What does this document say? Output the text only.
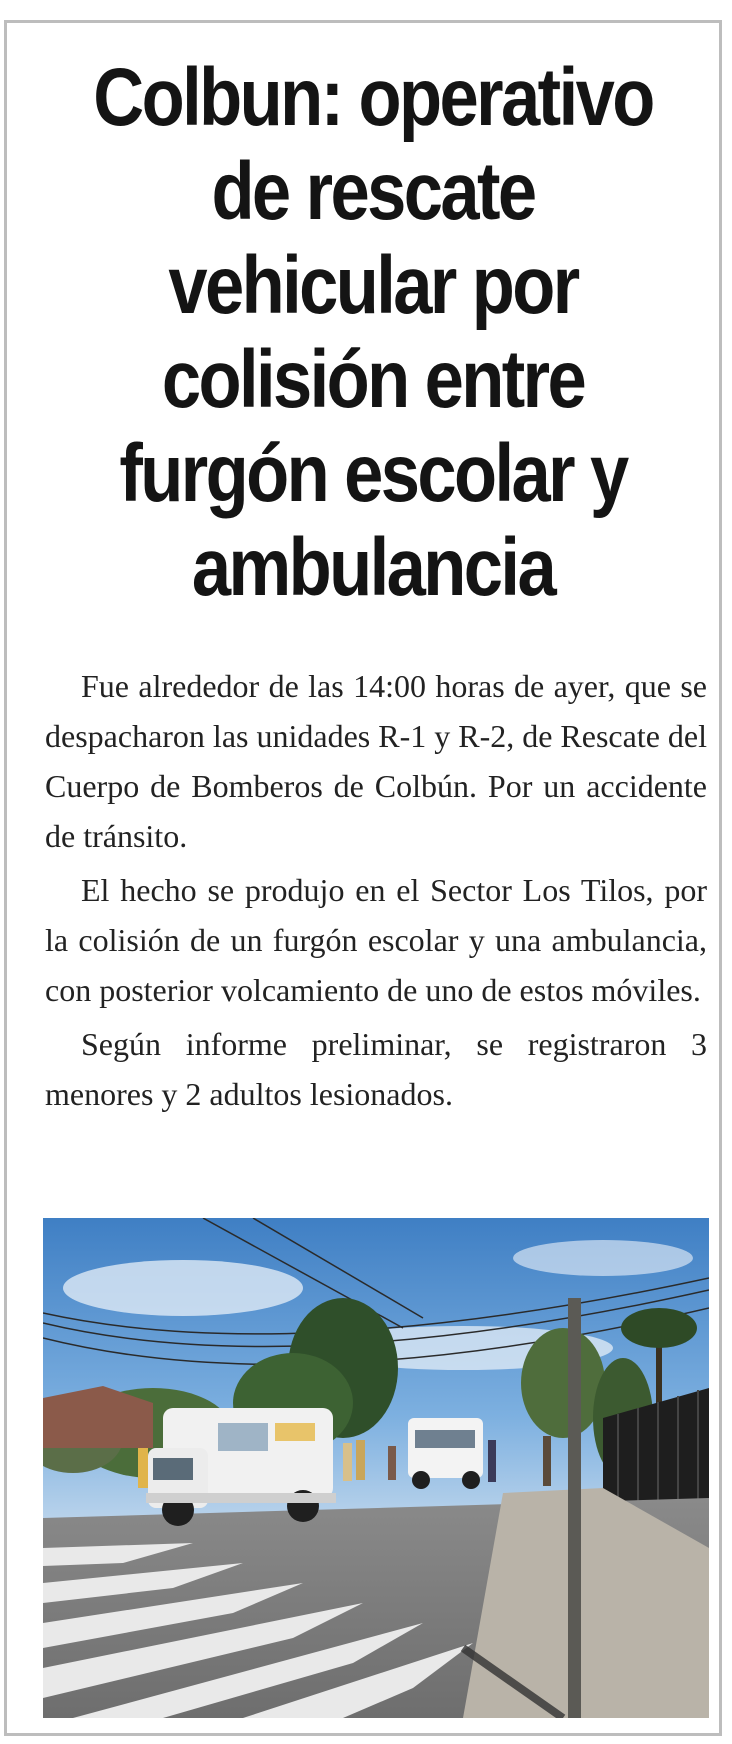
Colbun: operativo de rescate vehicular por colisión entre furgón escolar y ambulancia

Fue alrededor de las 14:00 horas de ayer, que se despacharon las unidades R-1 y R-2, de Rescate del Cuerpo de Bomberos de Colbún. Por un accidente de tránsito.

El hecho se produjo en el Sector Los Tilos, por la colisión de un furgón escolar y una ambulancia, con posterior volcamiento de uno de estos móviles.

Según informe preliminar, se registraron 3 menores y 2 adultos lesionados.
